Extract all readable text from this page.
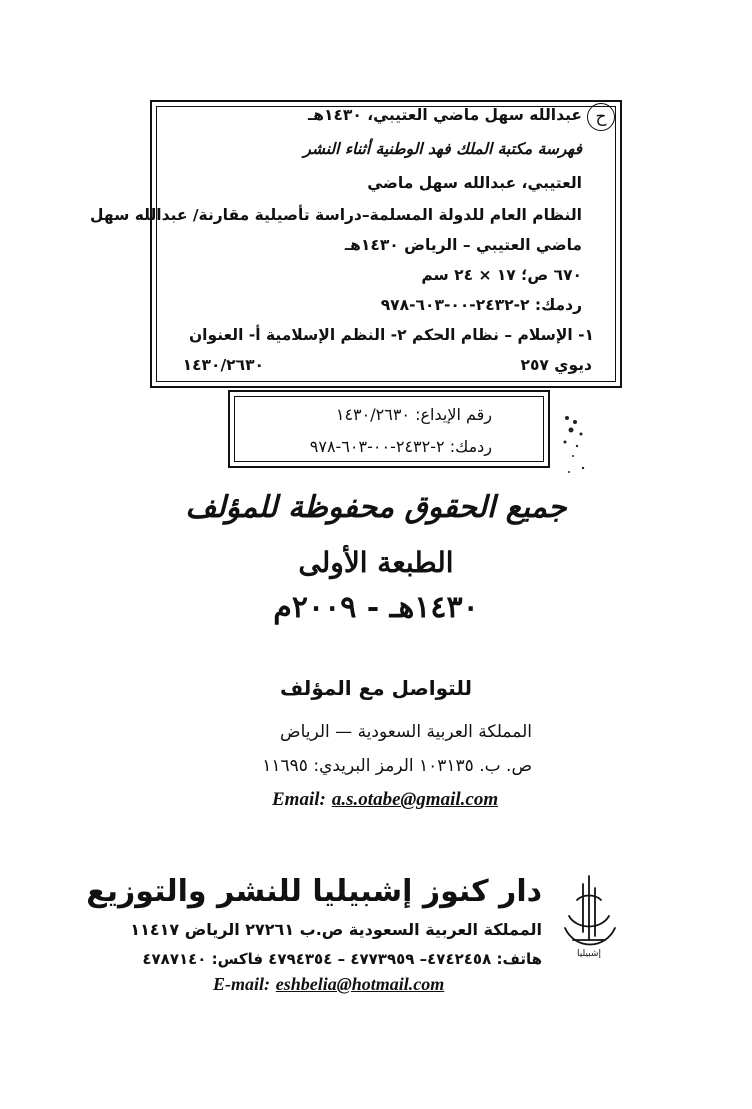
ح
عبدالله سهل ماضي العتيبي، ١٤٣٠هـ
فهرسة مكتبة الملك فهد الوطنية أثناء النشر
العتيبي، عبدالله سهل ماضي
النظام العام للدولة المسلمة–دراسة تأصيلية مقارنة/ عبدالله سهل
ماضي العتيبي – الرياض ١٤٣٠هـ
٦٧٠ ص؛ ١٧ × ٢٤ سم
ردمك: ٢-٢٤٣٢-٠٠-٦٠٣-٩٧٨
١- الإسلام – نظام الحكم ٢- النظم الإسلامية أ- العنوان
ديوي ٢٥٧
١٤٣٠/٢٦٣٠
رقم الإيداع: ١٤٣٠/٢٦٣٠
ردمك: ٢-٢٤٣٢-٠٠-٦٠٣-٩٧٨
جميع الحقوق محفوظة للمؤلف
الطبعة الأولى
١٤٣٠هـ - ٢٠٠٩م
للتواصل مع المؤلف
المملكة العربية السعودية — الرياض
ص. ب. ١٠٣١٣٥ الرمز البريدي: ١١٦٩٥
Email: a.s.otabe@gmail.com
إشبيليا
دار كنوز إشبيليا للنشر والتوزيع
المملكة العربية السعودية ص.ب ٢٧٢٦١ الرياض ١١٤١٧
هاتف: ٤٧٤٢٤٥٨– ٤٧٧٣٩٥٩ – ٤٧٩٤٣٥٤ فاكس: ٤٧٨٧١٤٠
E-mail: eshbelia@hotmail.com
